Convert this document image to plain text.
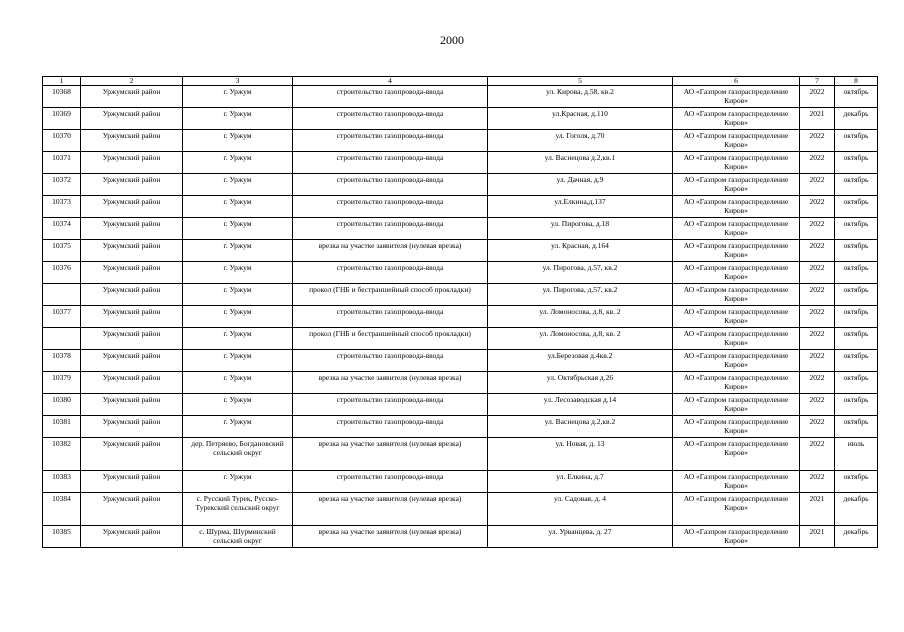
2000
1	2	3	4	5	6	7	8
10368	Уржумский район	г. Уржум	строительство газопровода-ввода	ул. Кирова, д.58, кв.2	АО «Газпром газораспределение Киров»	2022	октябрь
10369	Уржумский район	г. Уржум	строительство газопровода-ввода	ул.Красная, д.110	АО «Газпром газораспределение Киров»	2021	декабрь
10370	Уржумский район	г. Уржум	строительство газопровода-ввода	ул. Гоголя, д.70	АО «Газпром газораспределение Киров»	2022	октябрь
10371	Уржумский район	г. Уржум	строительство газопровода-ввода	ул. Васнецова д.2,кв.1	АО «Газпром газораспределение Киров»	2022	октябрь
10372	Уржумский район	г. Уржум	строительство газопровода-ввода	ул. Дачная, д.9	АО «Газпром газораспределение Киров»	2022	октябрь
10373	Уржумский район	г. Уржум	строительство газопровода-ввода	ул.Елкина,д.137	АО «Газпром газораспределение Киров»	2022	октябрь
10374	Уржумский район	г. Уржум	строительство газопровода-ввода	ул. Пирогова, д.18	АО «Газпром газораспределение Киров»	2022	октябрь
10375	Уржумский район	г. Уржум	врезка на участке заявителя (нулевая врезка)	ул. Красная, д.164	АО «Газпром газораспределение Киров»	2022	октябрь
10376	Уржумский район	г. Уржум	строительство газопровода-ввода	ул. Пирогова, д.57, кв.2	АО «Газпром газораспределение Киров»	2022	октябрь
	Уржумский район	г. Уржум	прокол (ГНБ и бестраншейный способ прокладки)	ул. Пирогова, д.57, кв.2	АО «Газпром газораспределение Киров»	2022	октябрь
10377	Уржумский район	г. Уржум	строительство газопровода-ввода	ул. Ломоносова, д.8, кв. 2	АО «Газпром газораспределение Киров»	2022	октябрь
	Уржумский район	г. Уржум	прокол (ГНБ и бестраншейный способ прокладки)	ул. Ломоносова, д.8, кв. 2	АО «Газпром газораспределение Киров»	2022	октябрь
10378	Уржумский район	г. Уржум	строительство газопровода-ввода	ул.Березовая д.4кв.2	АО «Газпром газораспределение Киров»	2022	октябрь
10379	Уржумский район	г. Уржум	врезка на участке заявителя (нулевая врезка)	ул. Октябрьская д.26	АО «Газпром газораспределение Киров»	2022	октябрь
10380	Уржумский район	г. Уржум	строительство газопровода-ввода	ул. Лесозаводская д.14	АО «Газпром газораспределение Киров»	2022	октябрь
10381	Уржумский район	г. Уржум	строительство газопровода-ввода	ул. Васнецова д.2,кв.2	АО «Газпром газораспределение Киров»	2022	октябрь
10382	Уржумский район	дер. Петряево, Богдановский сельский округ	врезка на участке заявителя (нулевая врезка)	ул. Новая, д. 13	АО «Газпром газораспределение Киров»	2022	июль
10383	Уржумский район	г. Уржум	строительство газопровода-ввода	ул. Елкина, д.7	АО «Газпром газораспределение Киров»	2022	октябрь
10384	Уржумский район	с. Русский Турек, Русско-Турекский сельский округ	врезка на участке заявителя (нулевая врезка)	ул. Садовая, д. 4	АО «Газпром газораспределение Киров»	2021	декабрь
10385	Уржумский район	с. Шурма, Шурминский сельский округ	врезка на участке заявителя (нулевая врезка)	ул. Урванцева, д. 27	АО «Газпром газораспределение Киров»	2021	декабрь
